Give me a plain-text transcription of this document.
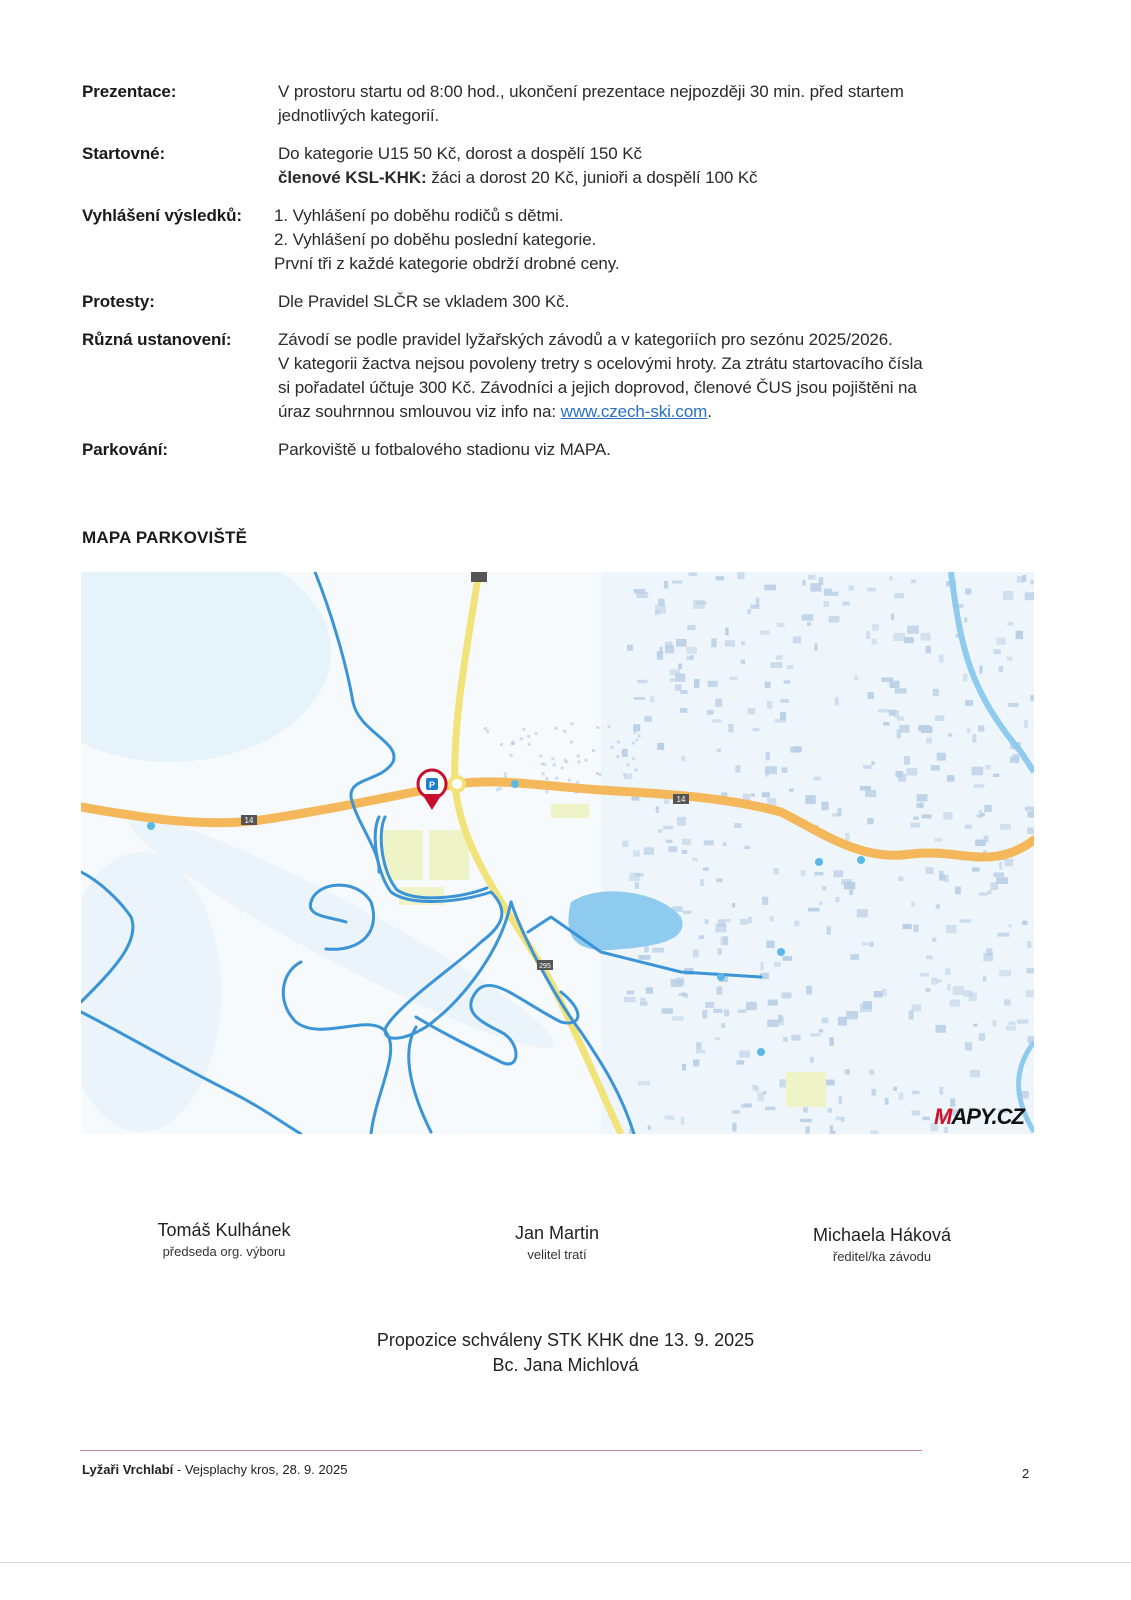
Prezentace:	V prostoru startu od 8:00 hod., ukončení prezentace nejpozději 30 min. před startem
jednotlivých kategorií.
Startovné:	Do kategorie U15 50 Kč, dorost a dospělí 150 Kč
členové KSL-KHK: žáci a dorost 20 Kč, junioři a dospělí 100 Kč
Vyhlášení výsledků:	1. Vyhlášení po doběhu rodičů s dětmi.
2. Vyhlášení po doběhu poslední kategorie.
První tři z každé kategorie obdrží drobné ceny.
Protesty:	Dle Pravidel SLČR se vkladem 300 Kč.
Různá ustanovení:	Závodí se podle pravidel lyžařských závodů a v kategoriích pro sezónu 2025/2026.
V kategorii žactva nejsou povoleny tretry s ocelovými hroty. Za ztrátu startovacího čísla
si pořadatel účtuje 300 Kč. Závodníci a jejich doprovod, členové ČUS jsou pojištěni na
úraz souhrnnou smlouvou viz info na: www.czech-ski.com.
Parkování:	Parkoviště u fotbalového stadionu viz MAPA.
MAPA PARKOVIŠTĚ
14
14
295
P
MAPY.CZ
Tomáš Kulhánek
předseda org. výboru
Jan Martin
velitel tratí
Michaela Háková
ředitel/ka závodu
Propozice schváleny STK KHK dne 13. 9. 2025
Bc. Jana Michlová
Lyžaři Vrchlabí - Vejsplachy kros, 28. 9. 2025	2
